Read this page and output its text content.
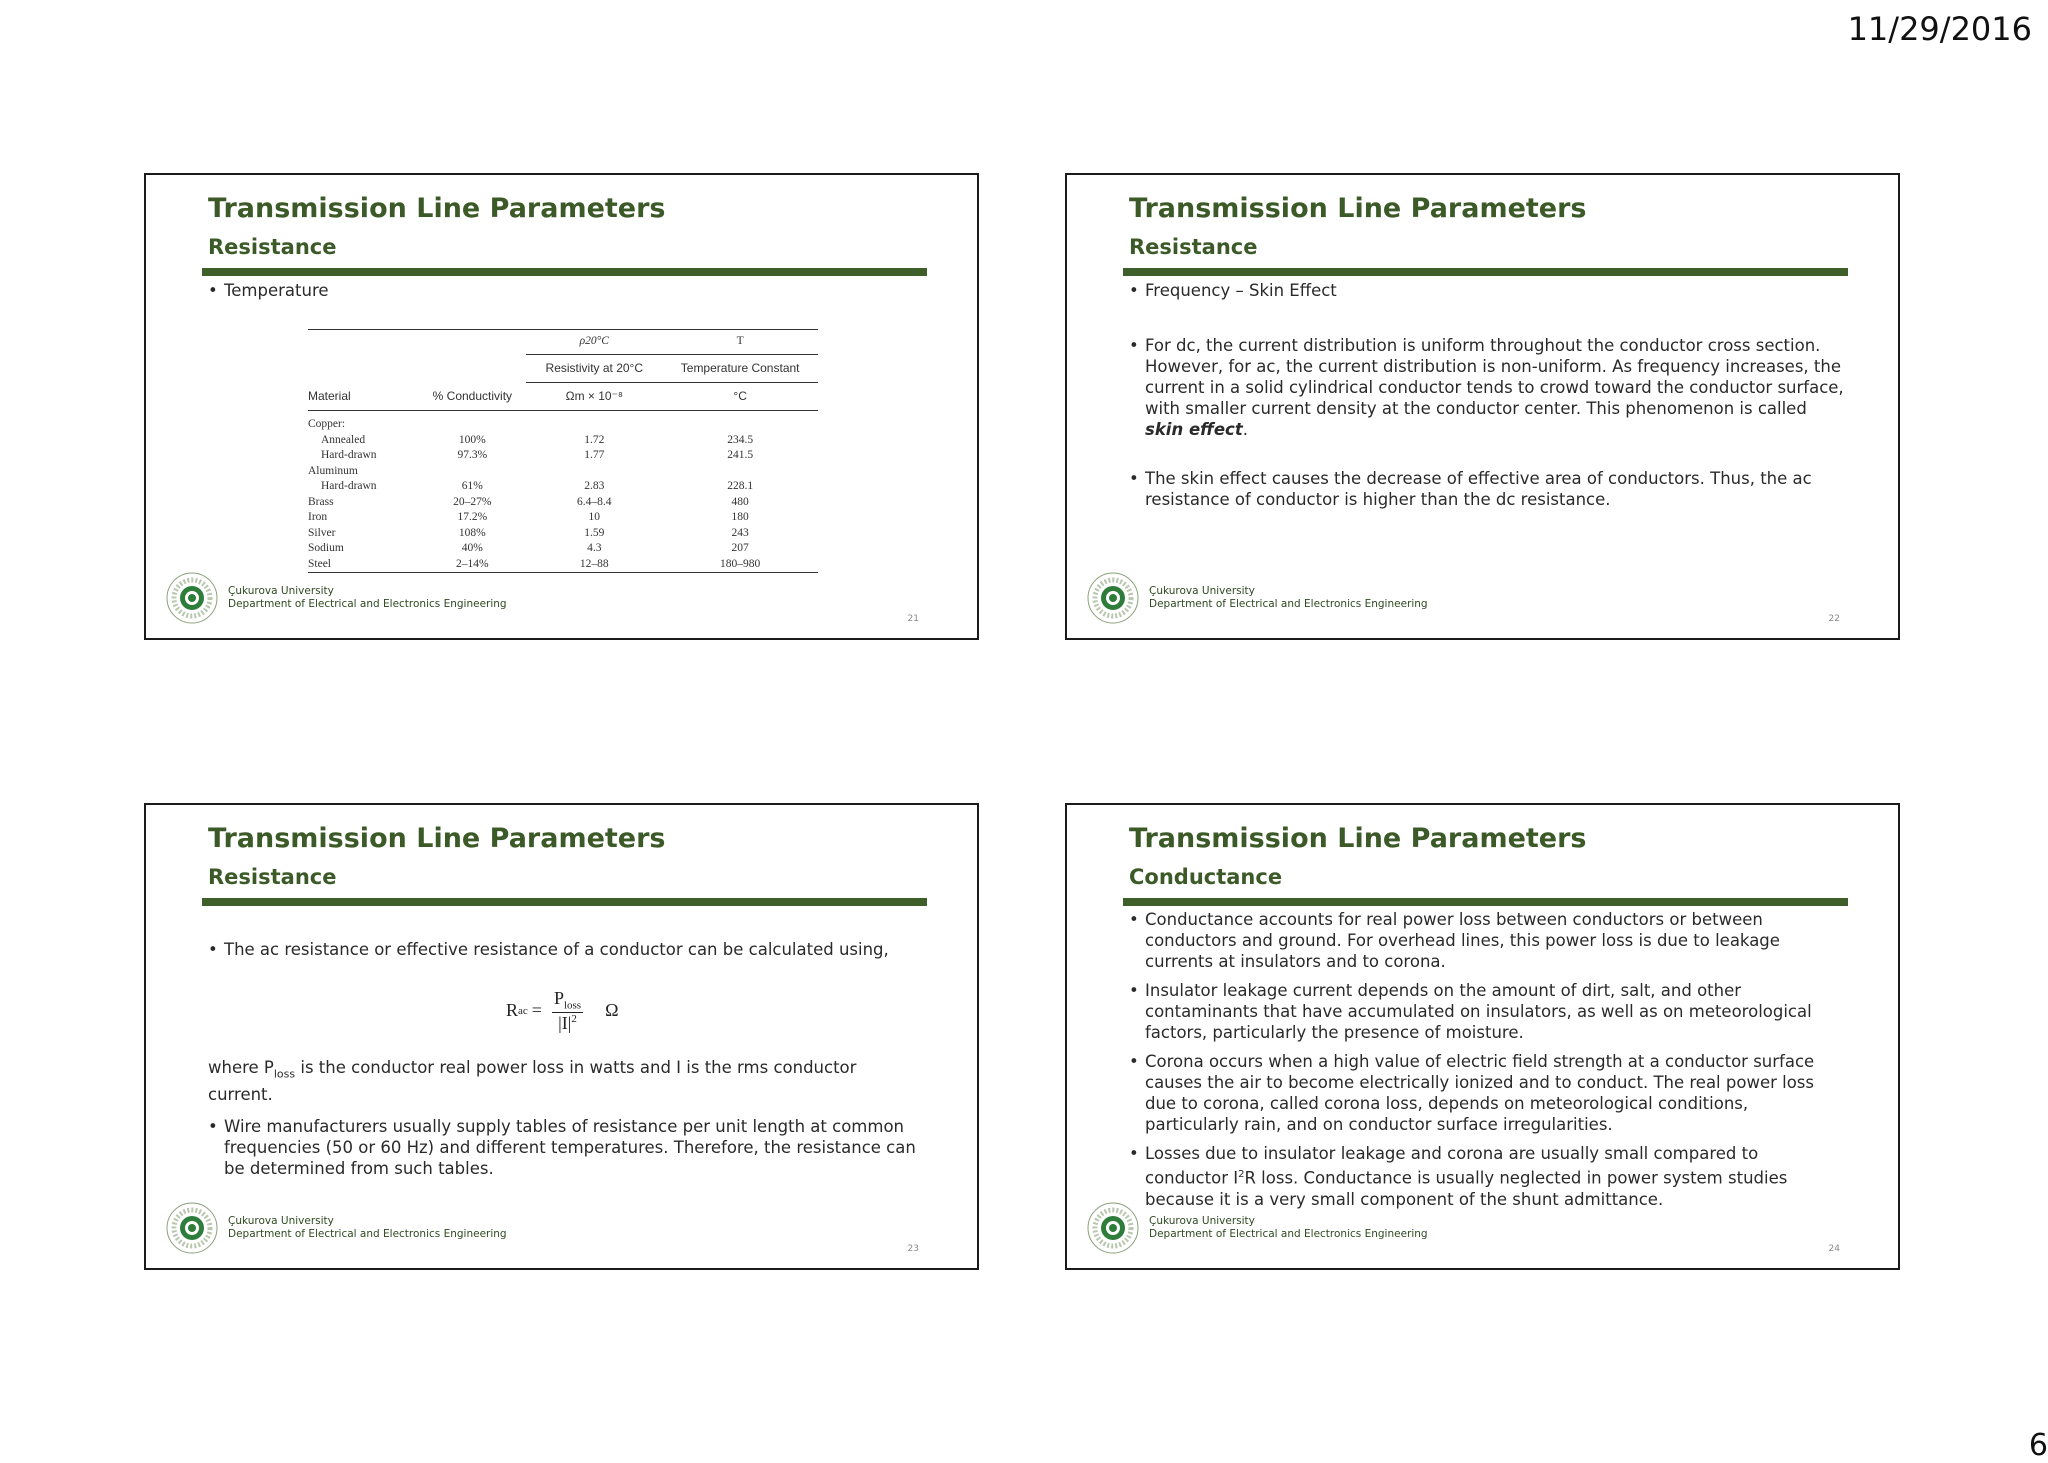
11/29/2016
6
Transmission Line Parameters
Resistance

• Temperature

		ρ20°C	T
		Resistivity at 20°C	Temperature Constant
Material	% Conductivity	Ωm × 10⁻⁸	°C

Copper:			
Annealed	100%	1.72	234.5
Hard-drawn	97.3%	1.77	241.5
Aluminum			
Hard-drawn	61%	2.83	228.1
Brass	20–27%	6.4–8.4	480
Iron	17.2%	10	180
Silver	108%	1.59	243
Sodium	40%	4.3	207
Steel	2–14%	12–88	180–980
Çukurova University
Department of Electrical and Electronics Engineering
21
Transmission Line Parameters
Resistance

• Frequency – Skin Effect

• For dc, the current distribution is uniform throughout the conductor cross section. However, for ac, the current distribution is non-uniform. As frequency increases, the current in a solid cylindrical conductor tends to crowd toward the conductor surface, with smaller current density at the conductor center. This phenomenon is called skin effect.

• The skin effect causes the decrease of effective area of conductors. Thus, the ac resistance of conductor is higher than the dc resistance.

Çukurova University
Department of Electrical and Electronics Engineering
22
Transmission Line Parameters
Resistance

• The ac resistance or effective resistance of a conductor can be calculated using,

R ac = $\frac{P_{loss}}{|I|^2}$ Ω

where $P_{loss}$ is the conductor real power loss in watts and I is the rms conductor current.

• Wire manufacturers usually supply tables of resistance per unit length at common frequencies (50 or 60 Hz) and different temperatures. Therefore, the resistance can be determined from such tables.

Çukurova University
Department of Electrical and Electronics Engineering
23
Transmission Line Parameters
Conductance

• Conductance accounts for real power loss between conductors or between conductors and ground. For overhead lines, this power loss is due to leakage currents at insulators and to corona.

• Insulator leakage current depends on the amount of dirt, salt, and other contaminants that have accumulated on insulators, as well as on meteorological factors, particularly the presence of moisture.

• Corona occurs when a high value of electric field strength at a conductor surface causes the air to become electrically ionized and to conduct. The real power loss due to corona, called corona loss, depends on meteorological conditions, particularly rain, and on conductor surface irregularities.

• Losses due to insulator leakage and corona are usually small compared to conductor $I^2R$ loss. Conductance is usually neglected in power system studies because it is a very small component of the shunt admittance.

Çukurova University
Department of Electrical and Electronics Engineering
24
